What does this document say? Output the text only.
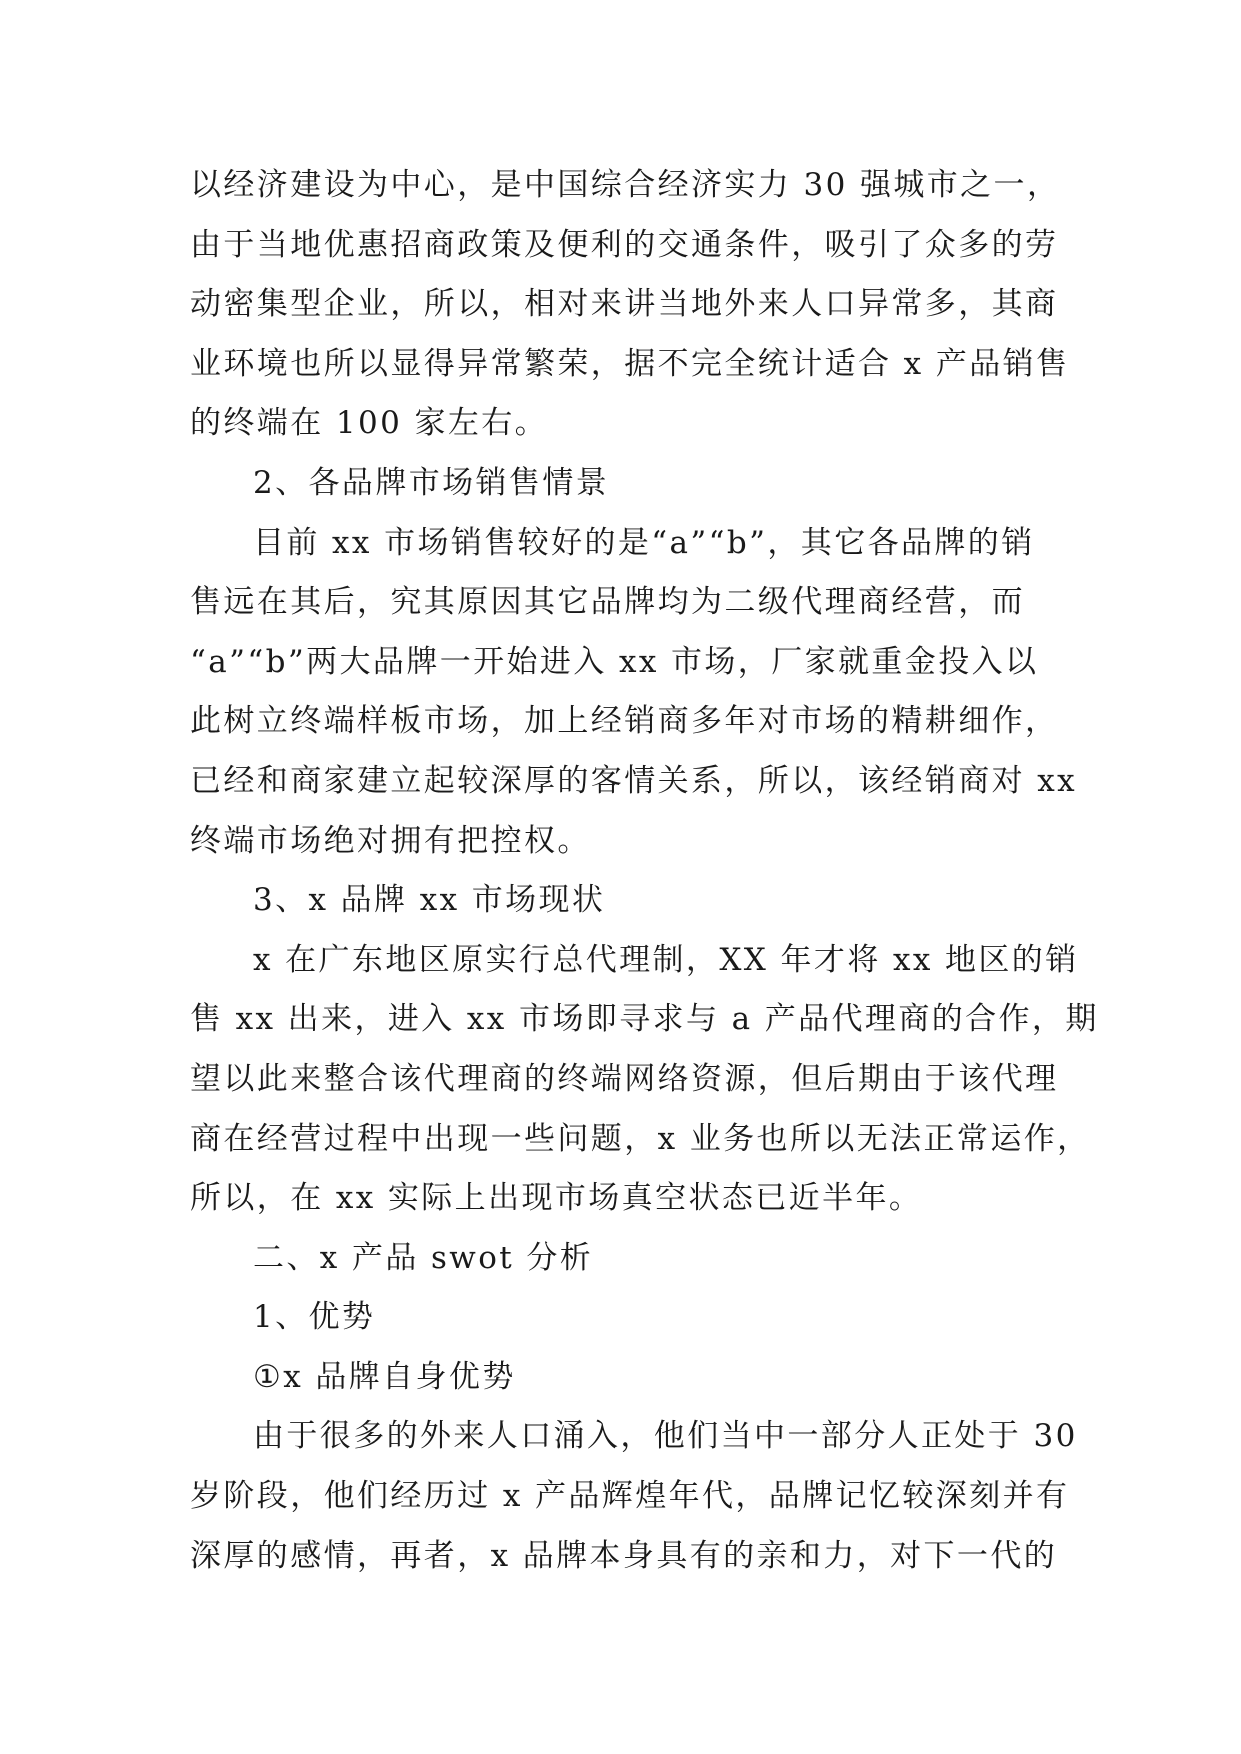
以经济建设为中心，是中国综合经济实力 30 强城市之一，
由于当地优惠招商政策及便利的交通条件，吸引了众多的劳
动密集型企业，所以，相对来讲当地外来人口异常多，其商
业环境也所以显得异常繁荣，据不完全统计适合 x 产品销售
的终端在 100 家左右。
2、各品牌市场销售情景
目前 xx 市场销售较好的是“a”“b”，其它各品牌的销
售远在其后，究其原因其它品牌均为二级代理商经营，而
“a”“b”两大品牌一开始进入 xx 市场，厂家就重金投入以
此树立终端样板市场，加上经销商多年对市场的精耕细作，
已经和商家建立起较深厚的客情关系，所以，该经销商对 xx
终端市场绝对拥有把控权。
3、x 品牌 xx 市场现状
x 在广东地区原实行总代理制，XX 年才将 xx 地区的销
售 xx 出来，进入 xx 市场即寻求与 a 产品代理商的合作，期
望以此来整合该代理商的终端网络资源，但后期由于该代理
商在经营过程中出现一些问题，x 业务也所以无法正常运作，
所以，在 xx 实际上出现市场真空状态已近半年。
二、x 产品 swot 分析
1、优势
①x 品牌自身优势
由于很多的外来人口涌入，他们当中一部分人正处于 30
岁阶段，他们经历过 x 产品辉煌年代，品牌记忆较深刻并有
深厚的感情，再者，x 品牌本身具有的亲和力，对下一代的
